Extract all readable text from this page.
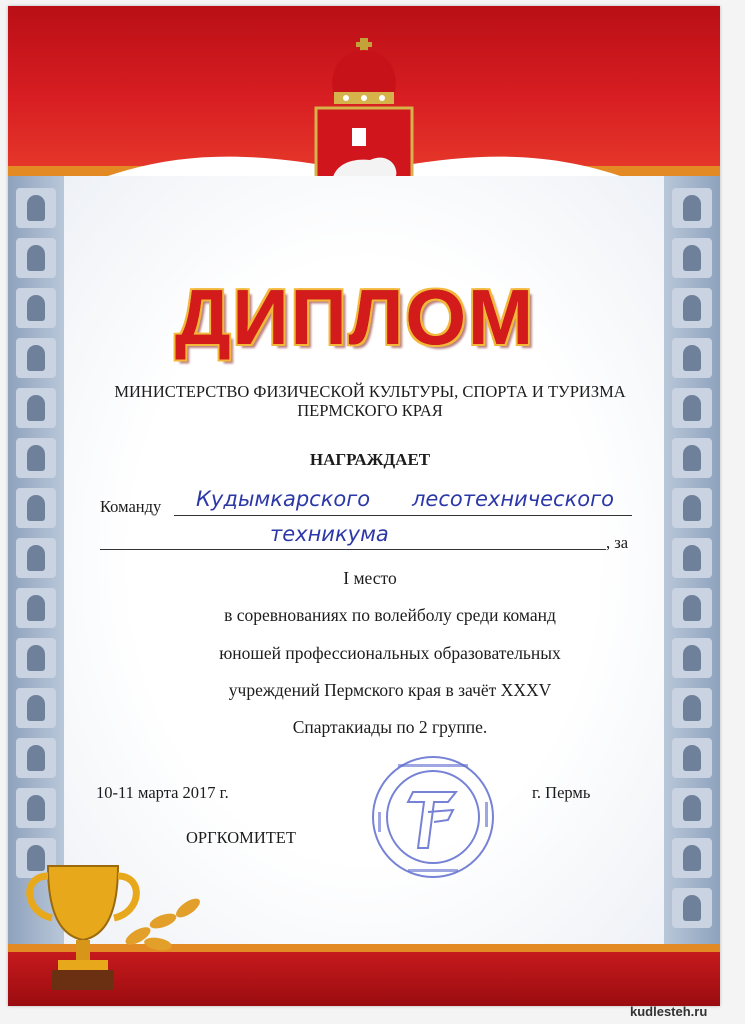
ДИПЛОМ
МИНИСТЕРСТВО ФИЗИЧЕСКОЙ КУЛЬТУРЫ, СПОРТА И ТУРИЗМА
ПЕРМСКОГО КРАЯ
НАГРАЖДАЕТ
Команду Кудымкарского лесотехнического
техникума	, за
I место
в соревнованиях по волейболу среди команд
юношей профессиональных образовательных
учреждений Пермского края в зачёт XXXV
Спартакиады по 2 группе.
10-11 марта 2017 г.	г. Пермь
ОРГКОМИТЕТ
kudlesteh.ru
